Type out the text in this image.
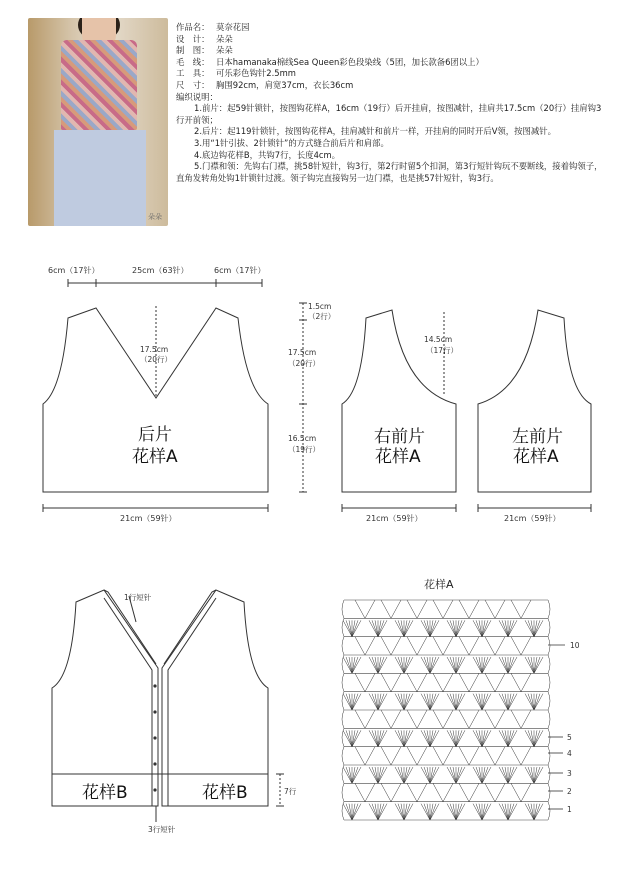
朵朵
作品名： 莫奈花园
设　计： 朵朵
制　图： 朵朵
毛　线： 日本hamanaka棉线Sea Queen彩色段染线（5团，加长款备6团以上）
工　具： 可乐彩色钩针2.5mm
尺　寸： 胸围92cm，肩宽37cm，衣长36cm
编织说明：
1.前片：起59针锁针，按图钩花样A，16cm（19行）后开挂肩，按图减针，挂肩共17.5cm（20行）挂肩钩3行开前领；
2.后片：起119针锁针，按图钩花样A，挂肩减针和前片一样，开挂肩的同时开后V领，按图减针。
3.用“1针引拔、2针锁针”的方式缝合前后片和肩部。
4.底边钩花样B，共钩7行，长度4cm。
5.门襟和领：先钩右门襟，挑58针短针，钩3行，第2行时留5个扣洞，第3行短针钩玩不要断线，接着钩领子，直角发转角处钩1针锁针过渡。领子钩完直接钩另一边门襟，也是挑57针短针，钩3行。
6cm（17针）	25cm（63针）	6cm（17针）
17.5cm
（20行）
后片
花样A
21cm（59针）
1.5cm
（2行）
17.5cm
（20行）
16.5cm
（19行）
14.5cm
（17行）
右前片
花样A
21cm（59针）
左前片
花样A
21cm（59针）
1行短针
花样B	花样B	7行
3行短针
花样A
10
5
4
3
2
1
